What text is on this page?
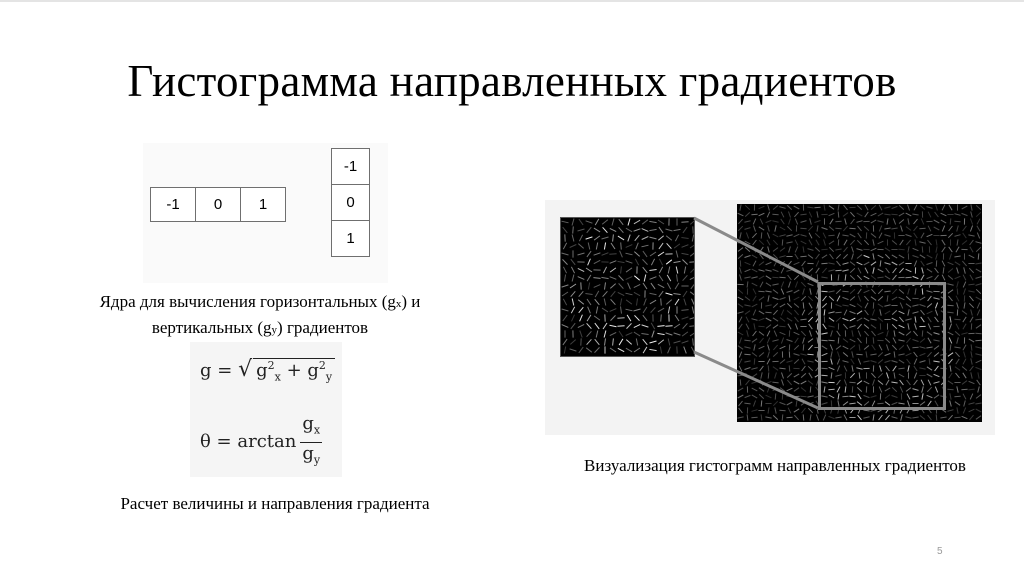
Гистограмма направленных градиентов
-1	0	1
-1
0
1
Ядра для вычисления горизонтальных (gx) и
вертикальных (gy) градиентов
g = √ $g^2_x + g^2_y$
$\theta = \arctan \frac{g_x}{g_y}$
Расчет величины и направления градиента
Визуализация гистограмм направленных градиентов
5
